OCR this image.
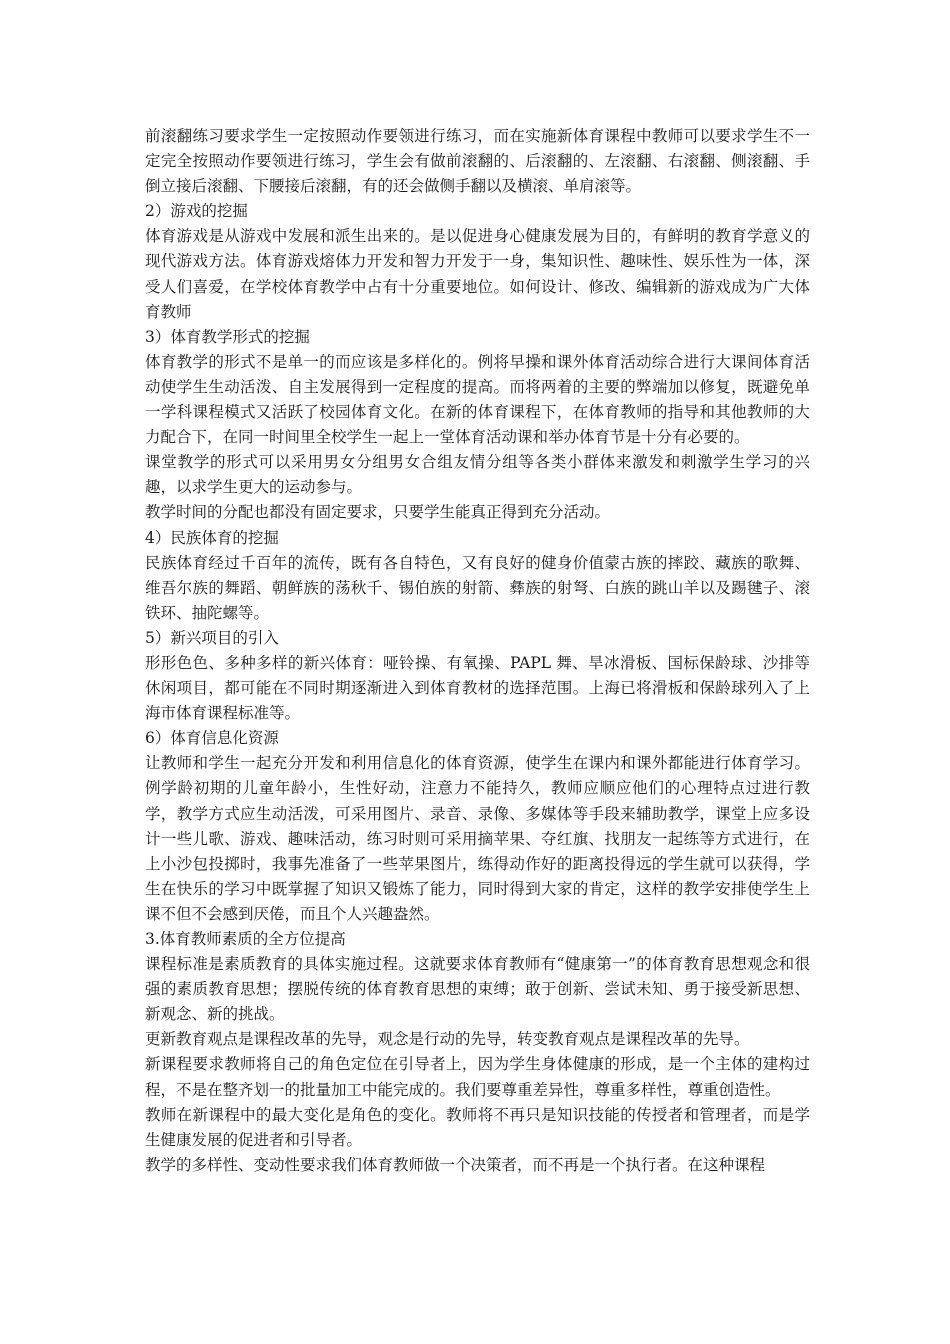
前滚翻练习要求学生一定按照动作要领进行练习，而在实施新体育课程中教师可以要求学生不一定完全按照动作要领进行练习，学生会有做前滚翻的、后滚翻的、左滚翻、右滚翻、侧滚翻、手倒立接后滚翻、下腰接后滚翻，有的还会做侧手翻以及横滚、单肩滚等。

2）游戏的挖掘

体育游戏是从游戏中发展和派生出来的。是以促进身心健康发展为目的，有鲜明的教育学意义的现代游戏方法。体育游戏熔体力开发和智力开发于一身，集知识性、趣味性、娱乐性为一体，深受人们喜爱，在学校体育教学中占有十分重要地位。如何设计、修改、编辑新的游戏成为广大体育教师

3）体育教学形式的挖掘

体育教学的形式不是单一的而应该是多样化的。例将早操和课外体育活动综合进行大课间体育活动使学生生动活泼、自主发展得到一定程度的提高。而将两着的主要的弊端加以修复，既避免单一学科课程模式又活跃了校园体育文化。在新的体育课程下，在体育教师的指导和其他教师的大力配合下，在同一时间里全校学生一起上一堂体育活动课和举办体育节是十分有必要的。

课堂教学的形式可以采用男女分组男女合组友情分组等各类小群体来激发和刺激学生学习的兴趣，以求学生更大的运动参与。

教学时间的分配也都没有固定要求，只要学生能真正得到充分活动。

4）民族体育的挖掘

民族体育经过千百年的流传，既有各自特色，又有良好的健身价值蒙古族的摔跤、藏族的歌舞、维吾尔族的舞蹈、朝鲜族的荡秋千、锡伯族的射箭、彝族的射弩、白族的跳山羊以及踢毽子、滚铁环、抽陀螺等。

5）新兴项目的引入

形形色色、多种多样的新兴体育：哑铃操、有氧操、PAPL 舞、旱冰滑板、国标保龄球、沙排等休闲项目，都可能在不同时期逐渐进入到体育教材的选择范围。上海已将滑板和保龄球列入了上海市体育课程标准等。

6）体育信息化资源

让教师和学生一起充分开发和利用信息化的体育资源，使学生在课内和课外都能进行体育学习。例学龄初期的儿童年龄小，生性好动，注意力不能持久，教师应顺应他们的心理特点过进行教学，教学方式应生动活泼，可采用图片、录音、录像、多媒体等手段来辅助教学，课堂上应多设计一些儿歌、游戏、趣味活动，练习时则可采用摘苹果、夺红旗、找朋友一起练等方式进行，在上小沙包投掷时，我事先准备了一些苹果图片，练得动作好的距离投得远的学生就可以获得，学生在快乐的学习中既掌握了知识又锻炼了能力，同时得到大家的肯定，这样的教学安排使学生上课不但不会感到厌倦，而且个人兴趣盎然。

3.体育教师素质的全方位提高

课程标准是素质教育的具体实施过程。这就要求体育教师有“健康第一”的体育教育思想观念和很强的素质教育思想；摆脱传统的体育教育思想的束缚；敢于创新、尝试未知、勇于接受新思想、新观念、新的挑战。

更新教育观点是课程改革的先导，观念是行动的先导，转变教育观点是课程改革的先导。

新课程要求教师将自己的角色定位在引导者上，因为学生身体健康的形成，是一个主体的建构过程，不是在整齐划一的批量加工中能完成的。我们要尊重差异性，尊重多样性，尊重创造性。

教师在新课程中的最大变化是角色的变化。教师将不再只是知识技能的传授者和管理者，而是学生健康发展的促进者和引导者。

教学的多样性、变动性要求我们体育教师做一个决策者，而不再是一个执行者。在这种课程
